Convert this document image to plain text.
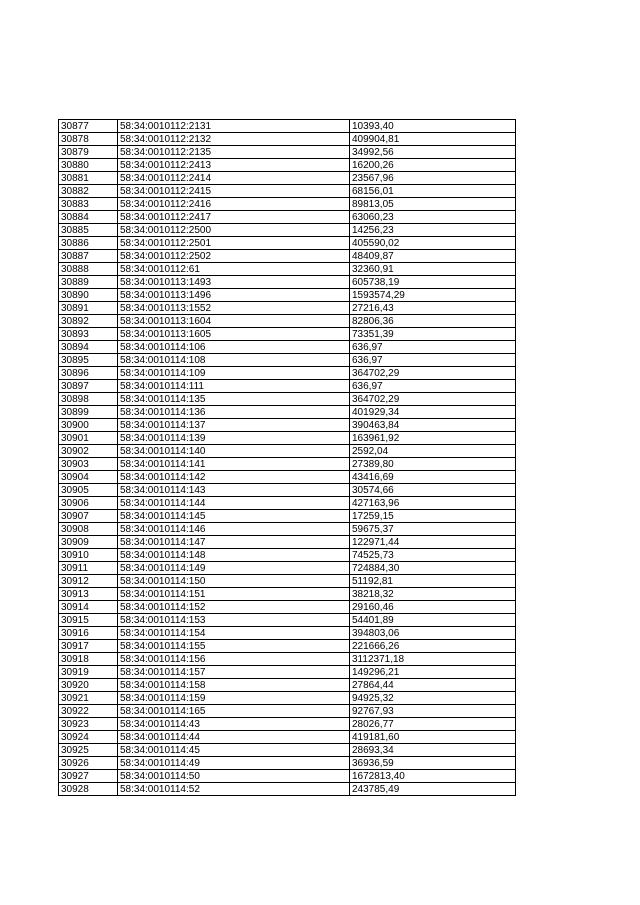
30877	58:34:0010112:2131	10393,40
30878	58:34:0010112:2132	409904,81
30879	58:34:0010112:2135	34992,56
30880	58:34:0010112:2413	16200,26
30881	58:34:0010112:2414	23567,96
30882	58:34:0010112:2415	68156,01
30883	58:34:0010112:2416	89813,05
30884	58:34:0010112:2417	63060,23
30885	58:34:0010112:2500	14256,23
30886	58:34:0010112:2501	405590,02
30887	58:34:0010112:2502	48409,87
30888	58:34:0010112:61	32360,91
30889	58:34:0010113:1493	605738,19
30890	58:34:0010113:1496	1593574,29
30891	58:34:0010113:1552	27216,43
30892	58:34:0010113:1604	82806,36
30893	58:34:0010113:1605	73351,39
30894	58:34:0010114:106	636,97
30895	58:34:0010114:108	636,97
30896	58:34:0010114:109	364702,29
30897	58:34:0010114:111	636,97
30898	58:34:0010114:135	364702,29
30899	58:34:0010114:136	401929,34
30900	58:34:0010114:137	390463,84
30901	58:34:0010114:139	163961,92
30902	58:34:0010114:140	2592,04
30903	58:34:0010114:141	27389,80
30904	58:34:0010114:142	43416,69
30905	58:34:0010114:143	30574,66
30906	58:34:0010114:144	427163,96
30907	58:34:0010114:145	17259,15
30908	58:34:0010114:146	59675,37
30909	58:34:0010114:147	122971,44
30910	58:34:0010114:148	74525,73
30911	58:34:0010114:149	724884,30
30912	58:34:0010114:150	51192,81
30913	58:34:0010114:151	38218,32
30914	58:34:0010114:152	29160,46
30915	58:34:0010114:153	54401,89
30916	58:34:0010114:154	394803,06
30917	58:34:0010114:155	221666,26
30918	58:34:0010114:156	3112371,18
30919	58:34:0010114:157	149296,21
30920	58:34:0010114:158	27864,44
30921	58:34:0010114:159	94925,32
30922	58:34:0010114:165	92767,93
30923	58:34:0010114:43	28026,77
30924	58:34:0010114:44	419181,60
30925	58:34:0010114:45	28693,34
30926	58:34:0010114:49	36936,59
30927	58:34:0010114:50	1672813,40
30928	58:34:0010114:52	243785,49
